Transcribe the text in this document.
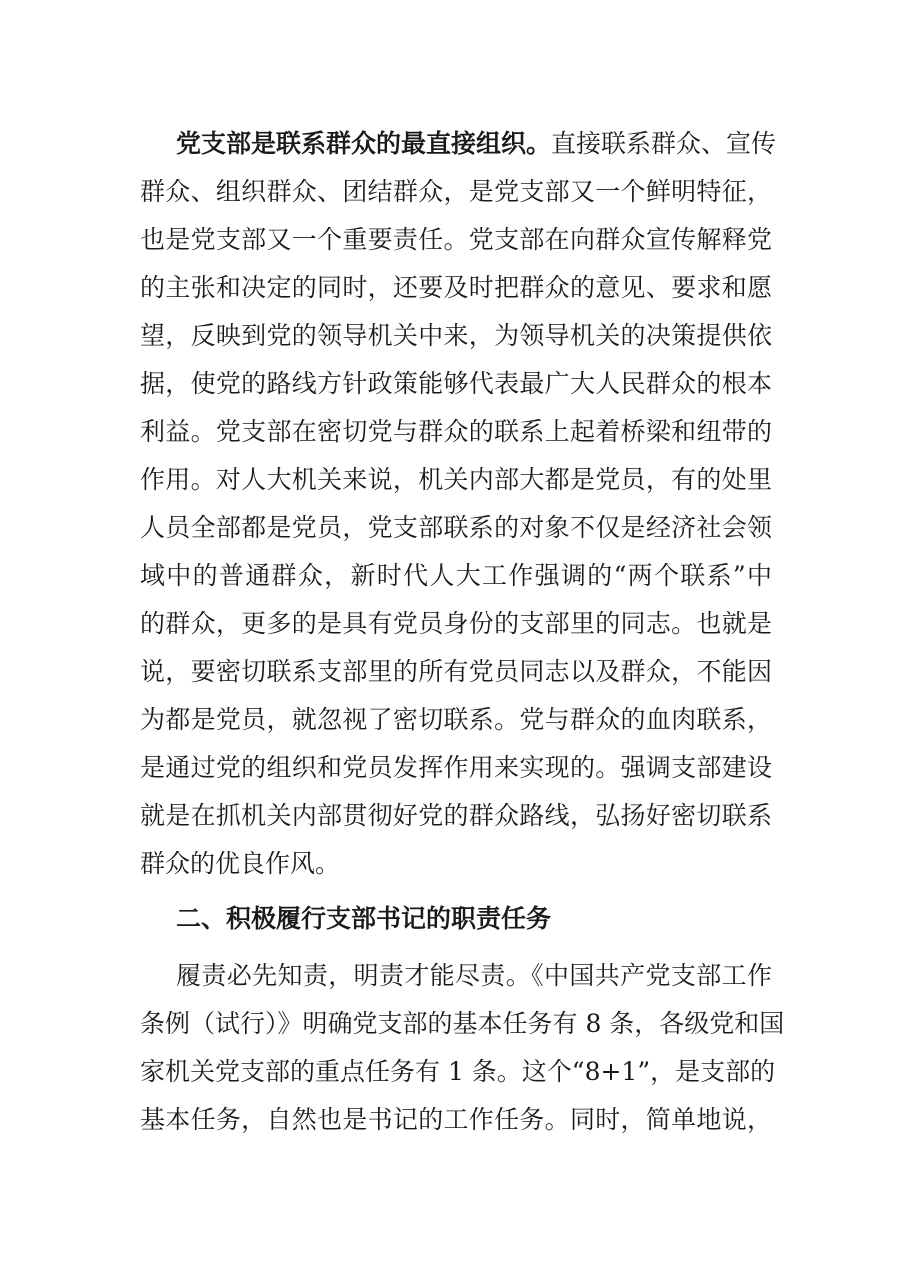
党支部是联系群众的最直接组织。直接联系群众、宣传
群众、组织群众、团结群众，是党支部又一个鲜明特征，
也是党支部又一个重要责任。党支部在向群众宣传解释党
的主张和决定的同时，还要及时把群众的意见、要求和愿
望，反映到党的领导机关中来，为领导机关的决策提供依
据，使党的路线方针政策能够代表最广大人民群众的根本
利益。党支部在密切党与群众的联系上起着桥梁和纽带的
作用。对人大机关来说，机关内部大都是党员，有的处里
人员全部都是党员，党支部联系的对象不仅是经济社会领
域中的普通群众，新时代人大工作强调的“两个联系”中
的群众，更多的是具有党员身份的支部里的同志。也就是
说，要密切联系支部里的所有党员同志以及群众，不能因
为都是党员，就忽视了密切联系。党与群众的血肉联系，
是通过党的组织和党员发挥作用来实现的。强调支部建设
就是在抓机关内部贯彻好党的群众路线，弘扬好密切联系
群众的优良作风。
二、积极履行支部书记的职责任务
履责必先知责，明责才能尽责。《中国共产党支部工作
条例（试行）》明确党支部的基本任务有 8 条，各级党和国
家机关党支部的重点任务有 1 条。这个“8+1”，是支部的
基本任务，自然也是书记的工作任务。同时，简单地说，
